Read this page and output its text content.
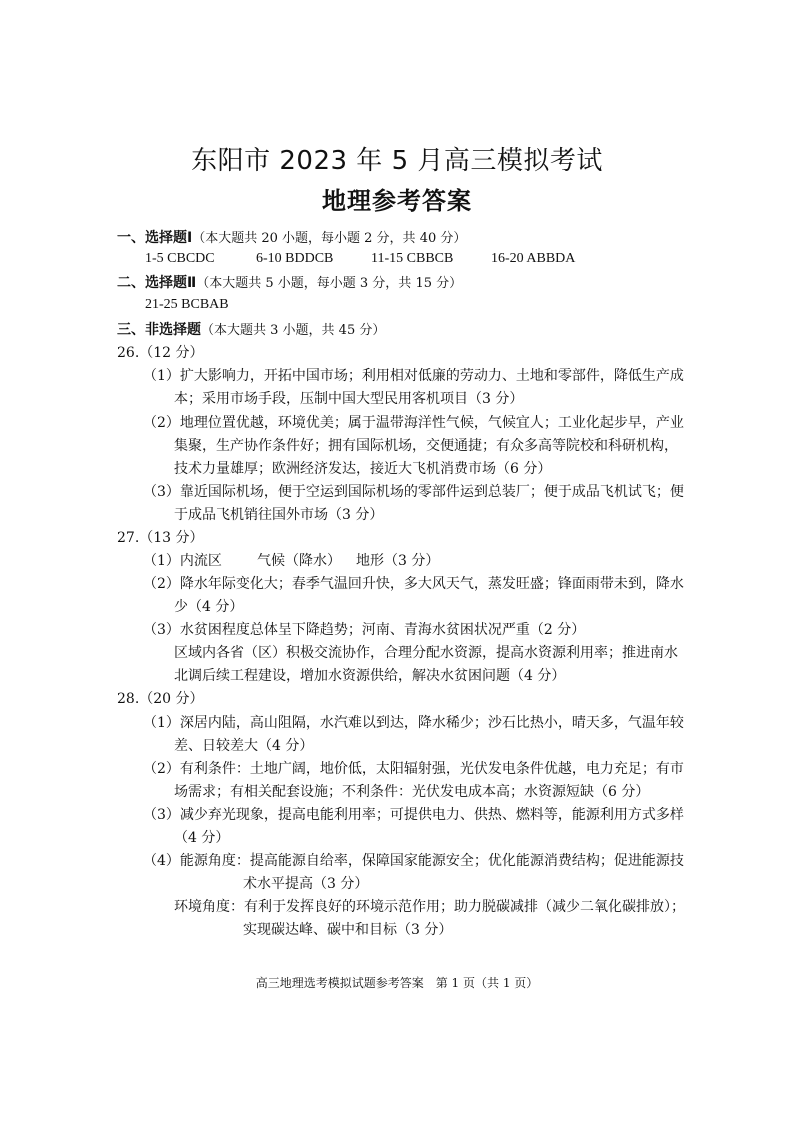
东阳市 2023 年 5 月高三模拟考试
地理参考答案
一、选择题Ⅰ（本大题共 20 小题，每小题 2 分，共 40 分）
1-5 CBCDC	6-10 BDDCB	11-15 CBBCB	16-20 ABBDA
二、选择题Ⅱ（本大题共 5 小题，每小题 3 分，共 15 分）
21-25 BCBAB
三、非选择题（本大题共 3 小题，共 45 分）
26.（12 分）
（1）扩大影响力，开拓中国市场；利用相对低廉的劳动力、土地和零部件，降低生产成
本；采用市场手段，压制中国大型民用客机项目（3 分）
（2）地理位置优越，环境优美；属于温带海洋性气候，气候宜人；工业化起步早，产业
集聚，生产协作条件好；拥有国际机场，交便通捷；有众多高等院校和科研机构，
技术力量雄厚；欧洲经济发达，接近大飞机消费市场（6 分）
（3）靠近国际机场，便于空运到国际机场的零部件运到总装厂；便于成品飞机试飞；便
于成品飞机销往国外市场（3 分）
27.（13 分）
（1）内流区	气候（降水） 地形（3 分）
（2）降水年际变化大；春季气温回升快，多大风天气，蒸发旺盛；锋面雨带未到，降水
少（4 分）
（3）水贫困程度总体呈下降趋势；河南、青海水贫困状况严重（2 分）
区域内各省（区）积极交流协作，合理分配水资源，提高水资源利用率；推进南水
北调后续工程建设，增加水资源供给，解决水贫困问题（4 分）
28.（20 分）
（1）深居内陆，高山阻隔，水汽难以到达，降水稀少；沙石比热小，晴天多，气温年较
差、日较差大（4 分）
（2）有利条件：土地广阔，地价低，太阳辐射强，光伏发电条件优越，电力充足；有市
场需求；有相关配套设施；不利条件：光伏发电成本高；水资源短缺（6 分）
（3）减少弃光现象，提高电能利用率；可提供电力、供热、燃料等，能源利用方式多样
（4 分）
（4）能源角度：提高能源自给率，保障国家能源安全；优化能源消费结构；促进能源技
术水平提高（3 分）
环境角度：有利于发挥良好的环境示范作用；助力脱碳减排（减少二氧化碳排放）；
实现碳达峰、碳中和目标（3 分）
高三地理选考模拟试题参考答案　第 1 页（共 1 页）
